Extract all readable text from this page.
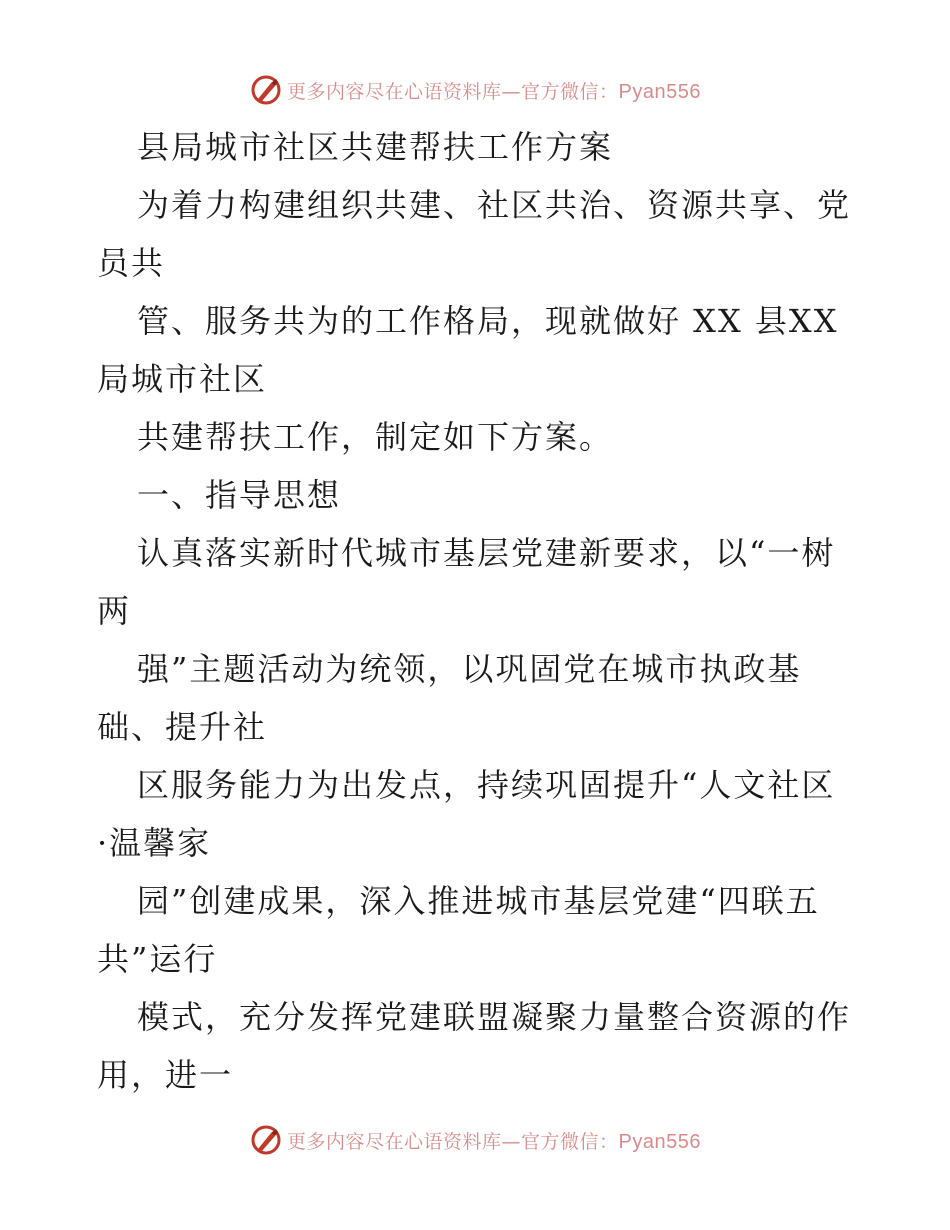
更多内容尽在心语资料库—官方微信：Pyan556
县局城市社区共建帮扶工作方案
为着力构建组织共建、社区共治、资源共享、党
员共
管、服务共为的工作格局，现就做好 XX 县XX
局城市社区
共建帮扶工作，制定如下方案。
一、指导思想
认真落实新时代城市基层党建新要求，以“一树
两
强”主题活动为统领，以巩固党在城市执政基
础、提升社
区服务能力为出发点，持续巩固提升“人文社区
·温馨家
园”创建成果，深入推进城市基层党建“四联五
共”运行
模式，充分发挥党建联盟凝聚力量整合资源的作
用，进一
更多内容尽在心语资料库—官方微信：Pyan556
